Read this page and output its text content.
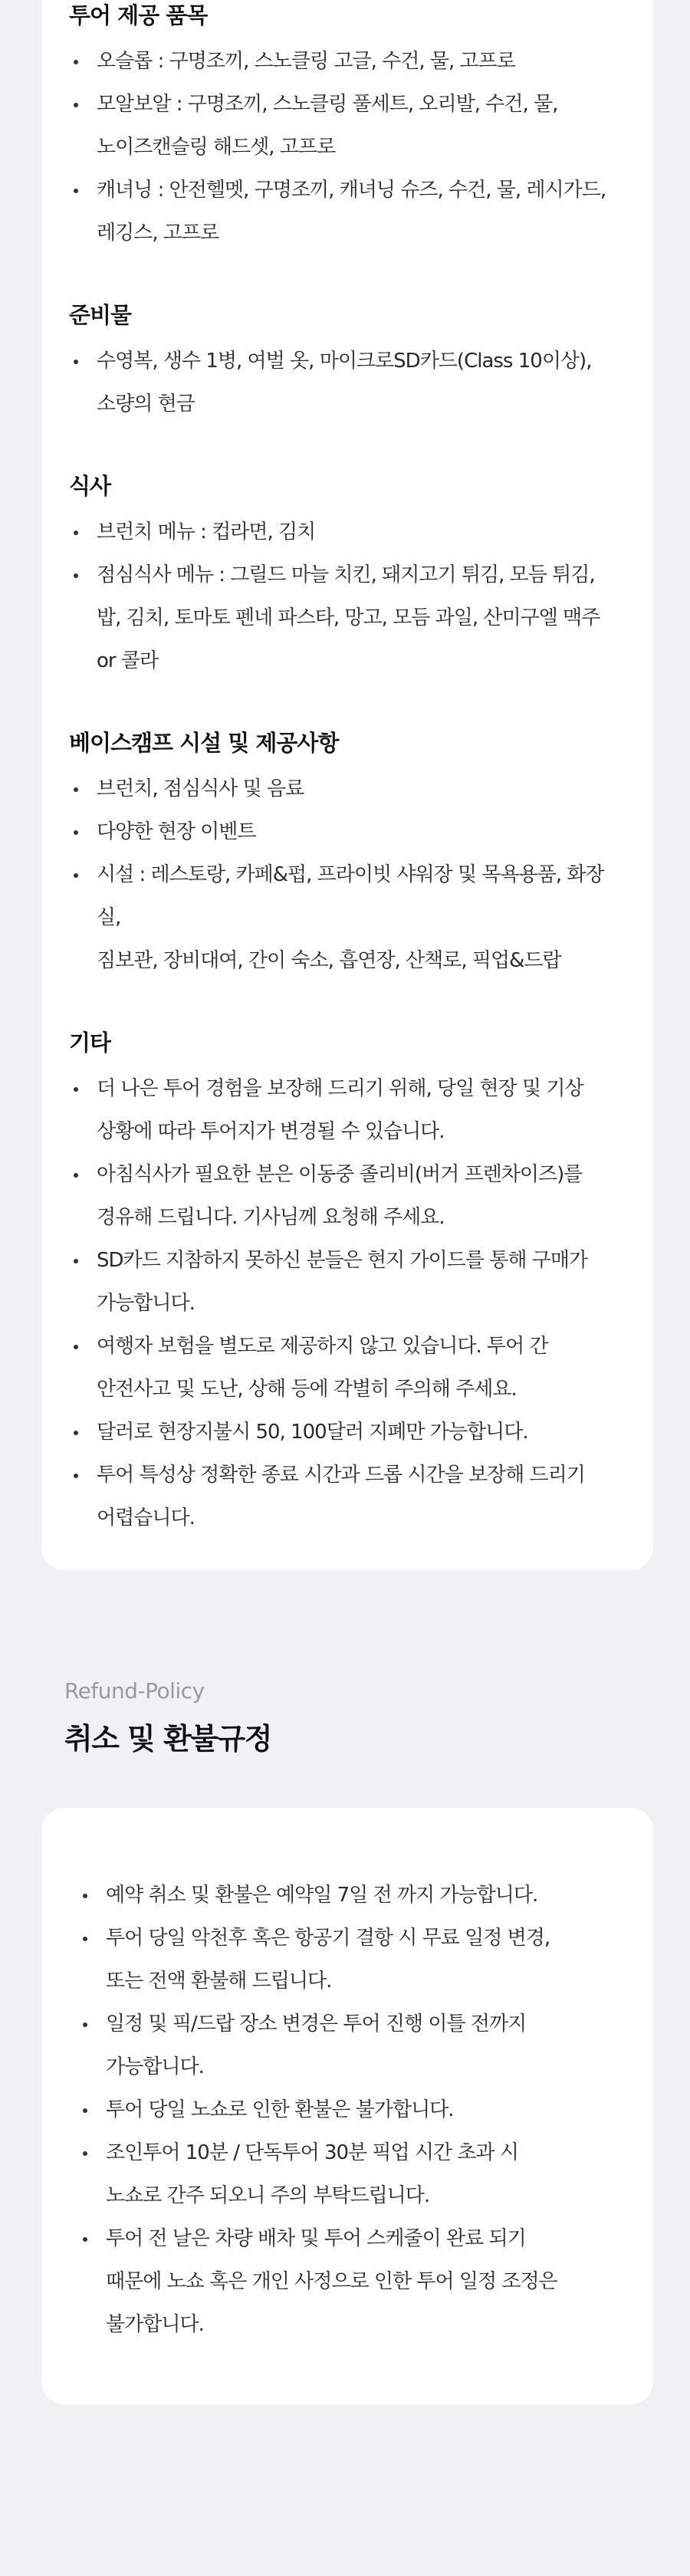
투어 제공 품목
오슬롭 : 구명조끼, 스노클링 고글, 수건, 물, 고프로
모알보알 : 구명조끼, 스노클링 풀세트, 오리발, 수건, 물,
노이즈캔슬링 해드셋, 고프로
캐녀닝 : 안전헬멧, 구명조끼, 캐녀닝 슈즈, 수건, 물, 레시가드,
레깅스, 고프로
준비물
수영복, 생수 1병, 여벌 옷, 마이크로SD카드(Class 10이상),
소량의 현금
식사
브런치 메뉴 : 컵라면, 김치
점심식사 메뉴 : 그릴드 마늘 치킨, 돼지고기 튀김, 모듬 튀김,
밥, 김치, 토마토 펜네 파스타, 망고, 모듬 과일, 산미구엘 맥주
or 콜라
베이스캠프 시설 및 제공사항
브런치, 점심식사 및 음료
다양한 현장 이벤트
시설 : 레스토랑, 카페&펍, 프라이빗 샤워장 및 목욕용품, 화장실,
짐보관, 장비대여, 간이 숙소, 흡연장, 산책로, 픽업&드랍
기타
더 나은 투어 경험을 보장해 드리기 위해, 당일 현장 및 기상
상황에 따라 투어지가 변경될 수 있습니다.
아침식사가 필요한 분은 이동중 졸리비(버거 프렌차이즈)를
경유해 드립니다. 기사님께 요청해 주세요.
SD카드 지참하지 못하신 분들은 현지 가이드를 통해 구매가
가능합니다.
여행자 보험을 별도로 제공하지 않고 있습니다. 투어 간
안전사고 및 도난, 상해 등에 각별히 주의해 주세요.
달러로 현장지불시 50, 100달러 지폐만 가능합니다.
투어 특성상 정확한 종료 시간과 드롭 시간을 보장해 드리기
어렵습니다.
Refund-Policy
취소 및 환불규정
예약 취소 및 환불은 예약일 7일 전 까지 가능합니다.
투어 당일 악천후 혹은 항공기 결항 시 무료 일정 변경,
또는 전액 환불해 드립니다.
일정 및 픽/드랍 장소 변경은 투어 진행 이틀 전까지
가능합니다.
투어 당일 노쇼로 인한 환불은 불가합니다.
조인투어 10분 / 단독투어 30분 픽업 시간 초과 시
노쇼로 간주 되오니 주의 부탁드립니다.
투어 전 날은 차량 배차 및 투어 스케줄이 완료 되기
때문에 노쇼 혹은 개인 사정으로 인한 투어 일정 조정은
불가합니다.
